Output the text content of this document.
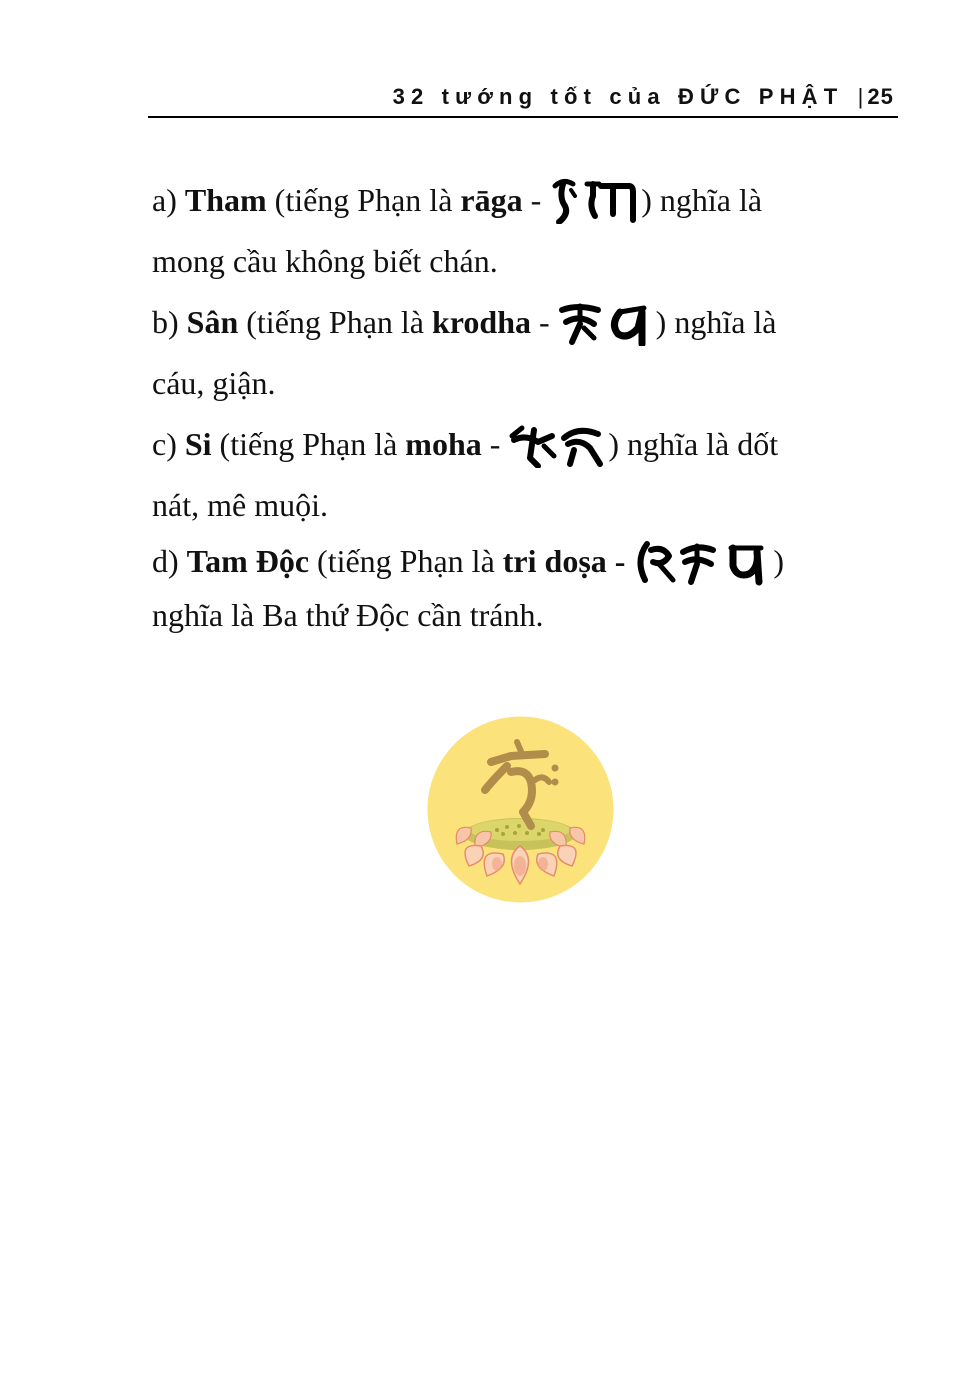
32 tướng tốt của ĐỨC PHẬT | 25

a) Tham (tiếng Phạn là rāga -	) nghĩa là
mong cầu không biết chán.

b) Sân (tiếng Phạn là krodha -	) nghĩa là
cáu, giận.

c) Si (tiếng Phạn là moha -	) nghĩa là dốt
nát, mê muội.

d) Tam Độc (tiếng Phạn là tri doṣa -	)
nghĩa là Ba thứ Độc cần tránh.
